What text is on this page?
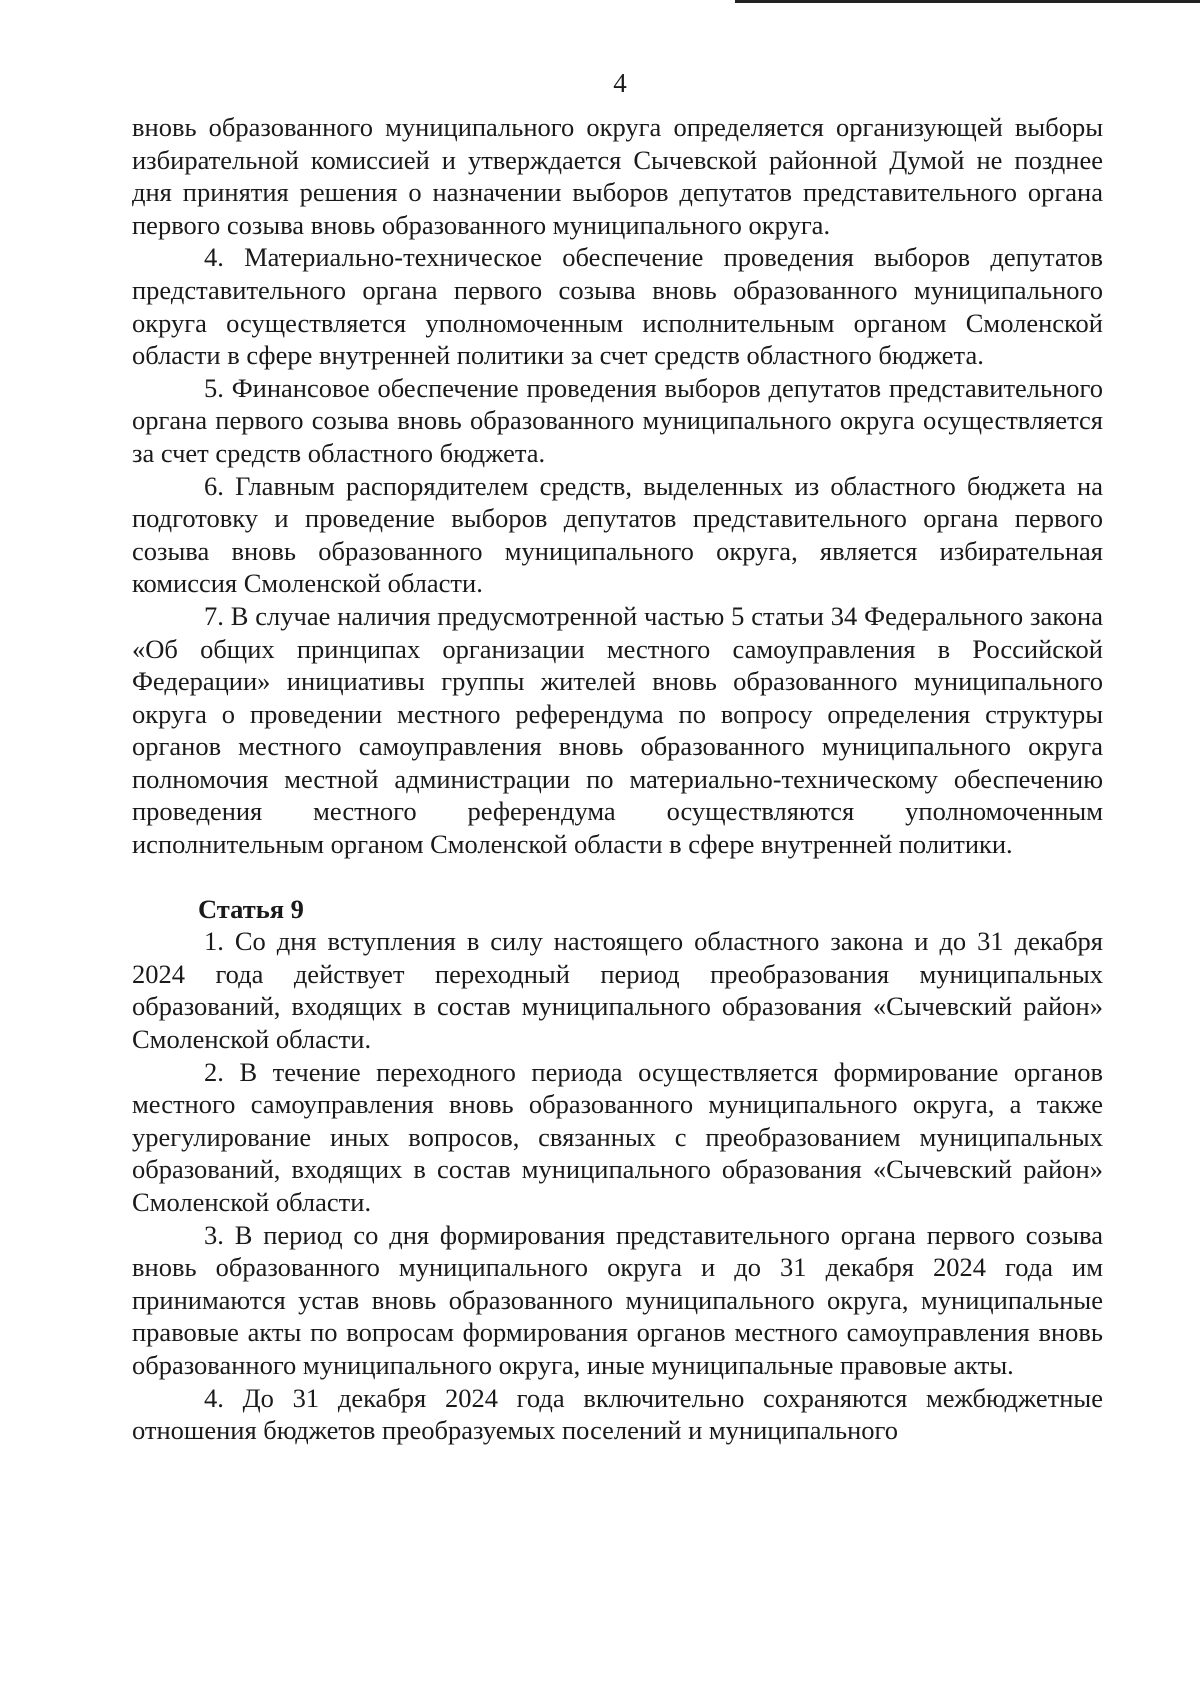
4

вновь образованного муниципального округа определяется организующей выборы избирательной комиссией и утверждается Сычевской районной Думой не позднее дня принятия решения о назначении выборов депутатов представительного органа первого созыва вновь образованного муниципального округа.

4. Материально-техническое обеспечение проведения выборов депутатов представительного органа первого созыва вновь образованного муниципального округа осуществляется уполномоченным исполнительным органом Смоленской области в сфере внутренней политики за счет средств областного бюджета.

5. Финансовое обеспечение проведения выборов депутатов представительного органа первого созыва вновь образованного муниципального округа осуществляется за счет средств областного бюджета.

6. Главным распорядителем средств, выделенных из областного бюджета на подготовку и проведение выборов депутатов представительного органа первого созыва вновь образованного муниципального округа, является избирательная комиссия Смоленской области.

7. В случае наличия предусмотренной частью 5 статьи 34 Федерального закона «Об общих принципах организации местного самоуправления в Российской Федерации» инициативы группы жителей вновь образованного муниципального округа о проведении местного референдума по вопросу определения структуры органов местного самоуправления вновь образованного муниципального округа полномочия местной администрации по материально-техническому обеспечению проведения местного референдума осуществляются уполномоченным исполнительным органом Смоленской области в сфере внутренней политики.

Статья 9

1. Со дня вступления в силу настоящего областного закона и до 31 декабря 2024 года действует переходный период преобразования муниципальных образований, входящих в состав муниципального образования «Сычевский район» Смоленской области.

2. В течение переходного периода осуществляется формирование органов местного самоуправления вновь образованного муниципального округа, а также урегулирование иных вопросов, связанных с преобразованием муниципальных образований, входящих в состав муниципального образования «Сычевский район» Смоленской области.

3. В период со дня формирования представительного органа первого созыва вновь образованного муниципального округа и до 31 декабря 2024 года им принимаются устав вновь образованного муниципального округа, муниципальные правовые акты по вопросам формирования органов местного самоуправления вновь образованного муниципального округа, иные муниципальные правовые акты.

4. До 31 декабря 2024 года включительно сохраняются межбюджетные отношения бюджетов преобразуемых поселений и муниципального
